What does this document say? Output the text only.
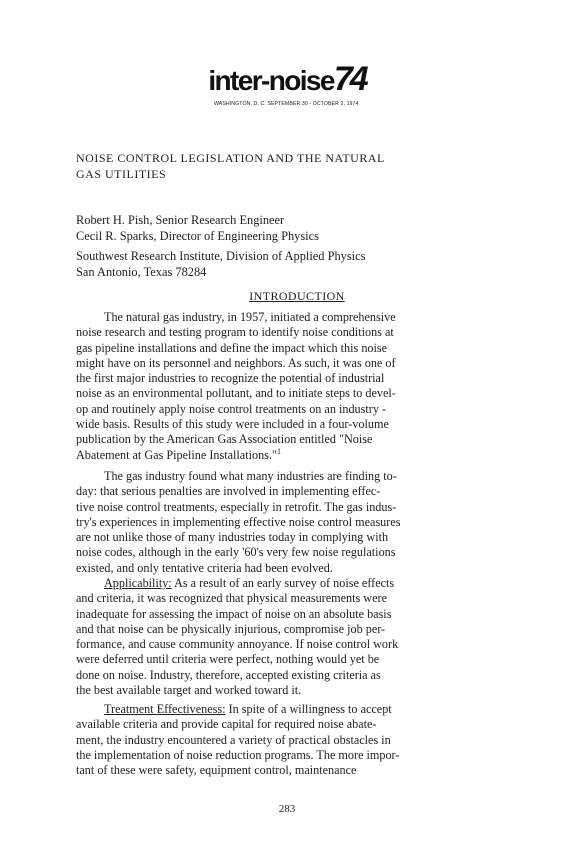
inter-noise74
WASHINGTON, D. C. SEPTEMBER 30 - OCTOBER 2, 1974
NOISE CONTROL LEGISLATION AND THE NATURAL
GAS UTILITIES
Robert H. Pish, Senior Research Engineer
Cecil R. Sparks, Director of Engineering Physics
Southwest Research Institute, Division of Applied Physics
San Antonio, Texas 78284
INTRODUCTION
The natural gas industry, in 1957, initiated a comprehensive
noise research and testing program to identify noise conditions at
gas pipeline installations and define the impact which this noise
might have on its personnel and neighbors. As such, it was one of
the first major industries to recognize the potential of industrial
noise as an environmental pollutant, and to initiate steps to devel-
op and routinely apply noise control treatments on an industry -
wide basis. Results of this study were included in a four-volume
publication by the American Gas Association entitled "Noise
Abatement at Gas Pipeline Installations."$^1$
The gas industry found what many industries are finding to-
day: that serious penalties are involved in implementing effec-
tive noise control treatments, especially in retrofit. The gas indus-
try's experiences in implementing effective noise control measures
are not unlike those of many industries today in complying with
noise codes, although in the early '60's very few noise regulations
existed, and only tentative criteria had been evolved.
Applicability: As a result of an early survey of noise effects
and criteria, it was recognized that physical measurements were
inadequate for assessing the impact of noise on an absolute basis
and that noise can be physically injurious, compromise job per-
formance, and cause community annoyance. If noise control work
were deferred until criteria were perfect, nothing would yet be
done on noise. Industry, therefore, accepted existing criteria as
the best available target and worked toward it.
Treatment Effectiveness: In spite of a willingness to accept
available criteria and provide capital for required noise abate-
ment, the industry encountered a variety of practical obstacles in
the implementation of noise reduction programs. The more impor-
tant of these were safety, equipment control, maintenance
283
